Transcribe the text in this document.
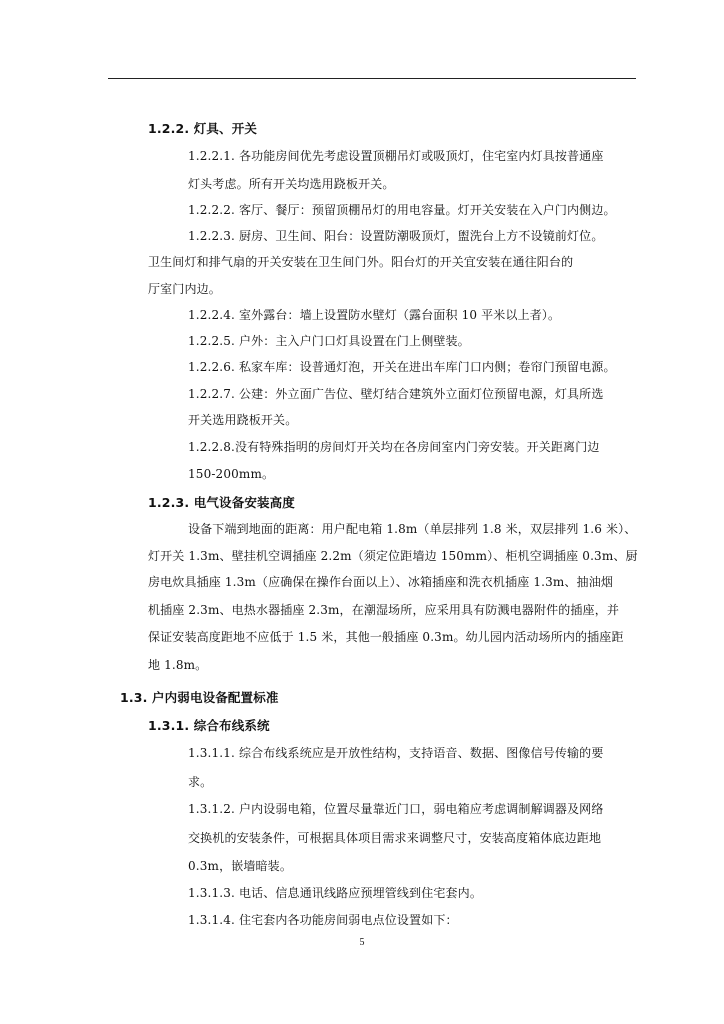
1.2.2. 灯具、开关
1.2.2.1. 各功能房间优先考虑设置顶棚吊灯或吸顶灯，住宅室内灯具按普通座
灯头考虑。所有开关均选用跷板开关。
1.2.2.2. 客厅、餐厅：预留顶棚吊灯的用电容量。灯开关安装在入户门内侧边。
1.2.2.3. 厨房、卫生间、阳台：设置防潮吸顶灯，盥洗台上方不设镜前灯位。
卫生间灯和排气扇的开关安装在卫生间门外。阳台灯的开关宜安装在通往阳台的
厅室门内边。
1.2.2.4. 室外露台：墙上设置防水壁灯（露台面积 10 平米以上者）。
1.2.2.5. 户外：主入户门口灯具设置在门上侧壁装。
1.2.2.6. 私家车库：设普通灯泡，开关在进出车库门口内侧；卷帘门预留电源。
1.2.2.7. 公建：外立面广告位、壁灯结合建筑外立面灯位预留电源，灯具所选
开关选用跷板开关。
1.2.2.8.没有特殊指明的房间灯开关均在各房间室内门旁安装。开关距离门边
150-200mm。
1.2.3. 电气设备安装高度
设备下端到地面的距离：用户配电箱 1.8m（单层排列 1.8 米，双层排列 1.6 米）、
灯开关 1.3m、壁挂机空调插座 2.2m（须定位距墙边 150mm）、柜机空调插座 0.3m、厨
房电炊具插座 1.3m（应确保在操作台面以上）、冰箱插座和洗衣机插座 1.3m、抽油烟
机插座 2.3m、电热水器插座 2.3m，在潮湿场所，应采用具有防溅电器附件的插座，并
保证安装高度距地不应低于 1.5 米，其他一般插座 0.3m。幼儿园内活动场所内的插座距
地 1.8m。
1.3. 户内弱电设备配置标准
1.3.1. 综合布线系统
1.3.1.1. 综合布线系统应是开放性结构，支持语音、数据、图像信号传输的要
求。
1.3.1.2. 户内设弱电箱，位置尽量靠近门口，弱电箱应考虑调制解调器及网络
交换机的安装条件，可根据具体项目需求来调整尺寸，安装高度箱体底边距地
0.3m，嵌墙暗装。
1.3.1.3. 电话、信息通讯线路应预埋管线到住宅套内。
1.3.1.4. 住宅套内各功能房间弱电点位设置如下：
5
